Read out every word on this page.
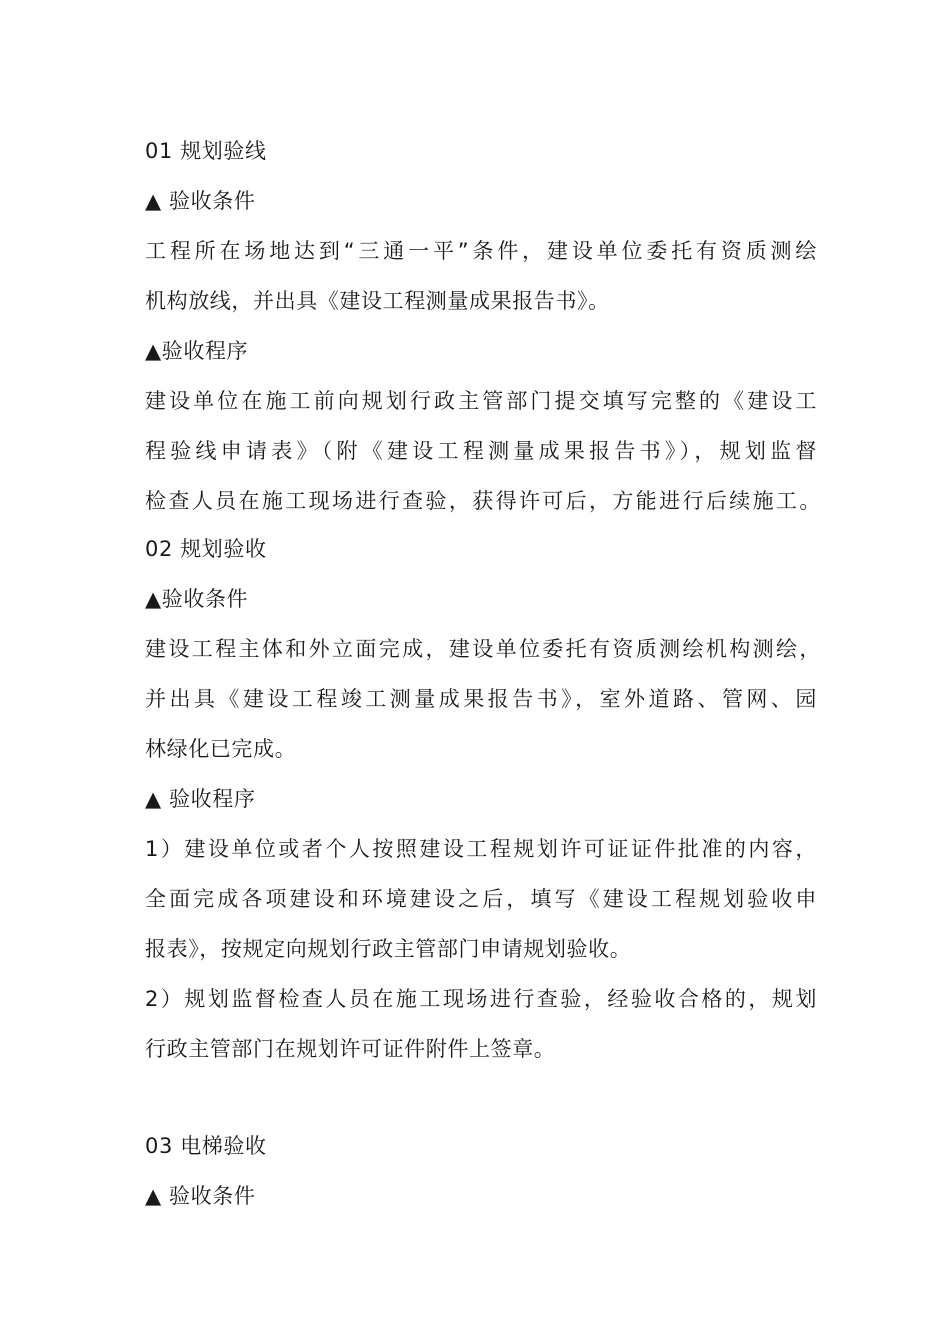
01 规划验线
▲ 验收条件
工程所在场地达到“三通一平”条件，建设单位委托有资质测绘
机构放线，并出具《建设工程测量成果报告书》。
▲验收程序
建设单位在施工前向规划行政主管部门提交填写完整的《建设工
程验线申请表》（附《建设工程测量成果报告书》），规划监督
检查人员在施工现场进行查验，获得许可后，方能进行后续施工。
02 规划验收
▲验收条件
建设工程主体和外立面完成，建设单位委托有资质测绘机构测绘，
并出具《建设工程竣工测量成果报告书》，室外道路、管网、园
林绿化已完成。
▲ 验收程序
1）建设单位或者个人按照建设工程规划许可证证件批准的内容，
全面完成各项建设和环境建设之后，填写《建设工程规划验收申
报表》，按规定向规划行政主管部门申请规划验收。
2）规划监督检查人员在施工现场进行查验，经验收合格的，规划
行政主管部门在规划许可证件附件上签章。
03 电梯验收
▲ 验收条件
